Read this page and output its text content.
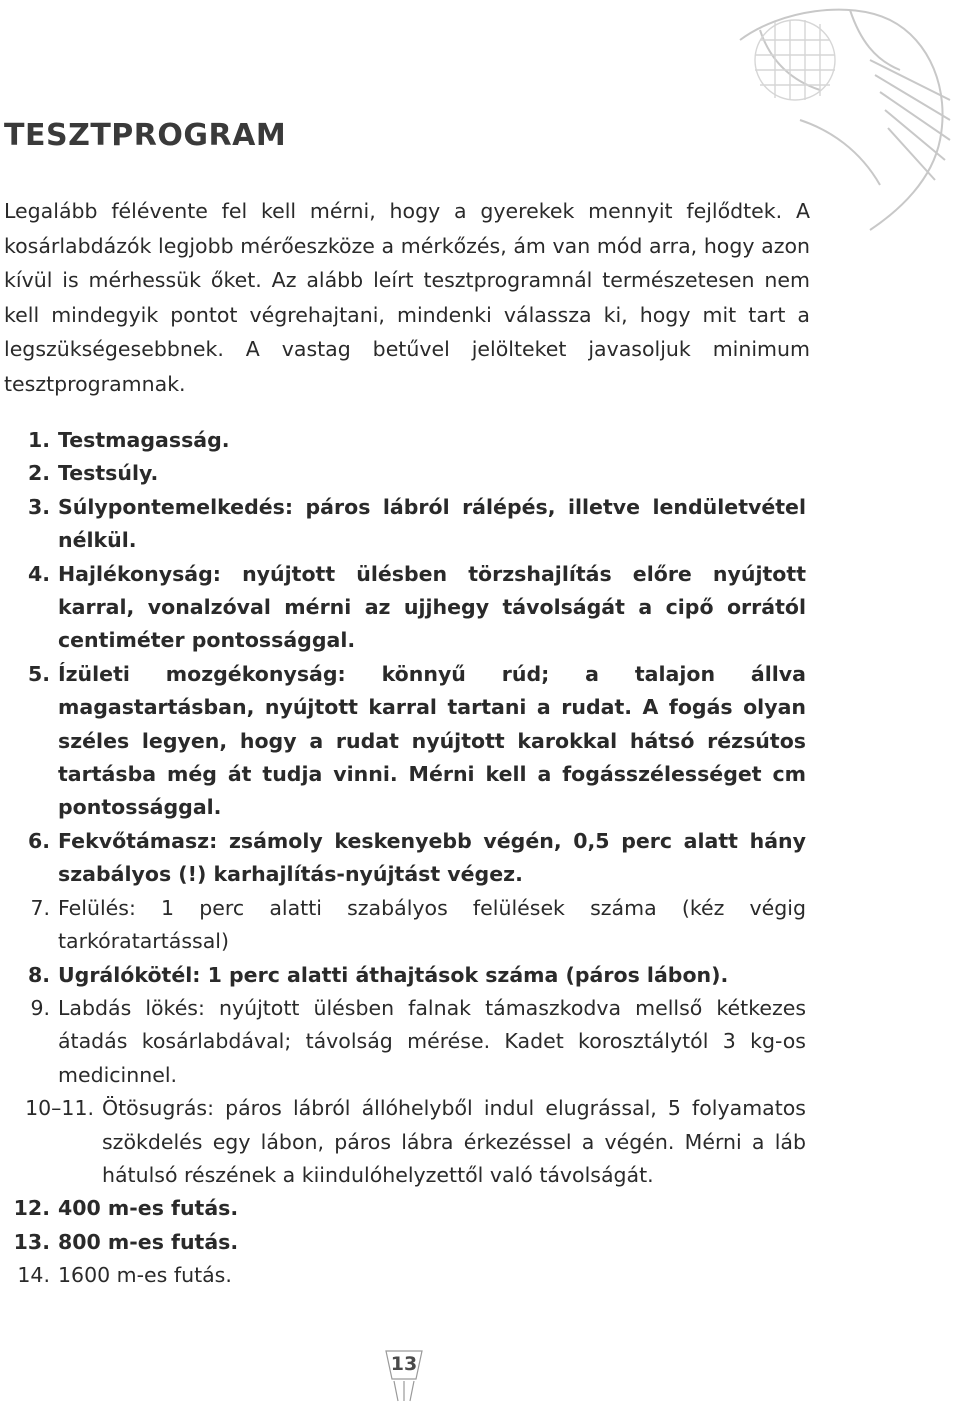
TESZTPROGRAM

Legalább félévente fel kell mérni, hogy a gyerekek mennyit fejlődtek. A kosárlabdázók legjobb mérőeszköze a mérkőzés, ám van mód arra, hogy azon kívül is mérhessük őket. Az alább leírt tesztprogramnál természetesen nem kell mindegyik pontot végrehajtani, mindenki válassza ki, hogy mit tart a legszükségesebbnek. A vastag betűvel jelölteket javasoljuk minimum tesztprogramnak.

1. Testmagasság.
2. Testsúly.
3. Súlypontemelkedés: páros lábról rálépés, illetve lendületvétel nélkül.
4. Hajlékonyság: nyújtott ülésben törzshajlítás előre nyújtott karral, vonalzóval mérni az ujjhegy távolságát a cipő orrától centiméter pontossággal.
5. Ízületi mozgékonyság: könnyű rúd; a talajon állva magastartásban, nyújtott karral tartani a rudat. A fogás olyan széles legyen, hogy a rudat nyújtott karokkal hátsó rézsútos tartásba még át tudja vinni. Mérni kell a fogásszélességet cm pontossággal.
6. Fekvőtámasz: zsámoly keskenyebb végén, 0,5 perc alatt hány szabályos (!) karhajlítás-nyújtást végez.
7. Felülés: 1 perc alatti szabályos felülések száma (kéz végig tarkóratartással)
8. Ugrálókötél: 1 perc alatti áthajtások száma (páros lábon).
9. Labdás lökés: nyújtott ülésben falnak támaszkodva mellső kétkezes átadás kosárlabdával; távolság mérése. Kadet korosztálytól 3 kg-os medicinnel.
10–11. Ötösugrás: páros lábról állóhelyből indul elugrással, 5 folyamatos szökdelés egy lábon, páros lábra érkezéssel a végén. Mérni a láb hátulsó részének a kiindulóhelyzettől való távolságát.
12. 400 m-es futás.
13. 800 m-es futás.
14. 1600 m-es futás.
13
